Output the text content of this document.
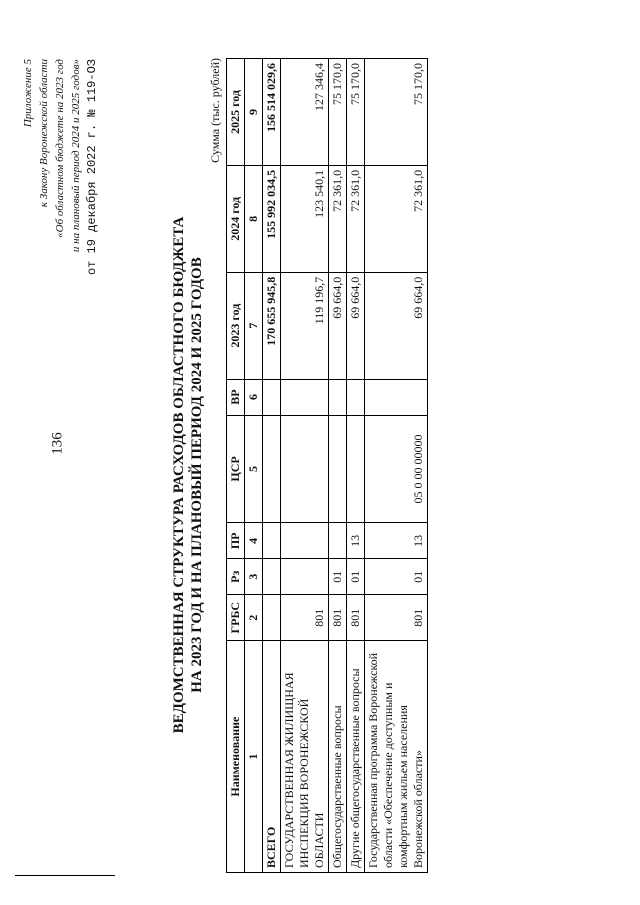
136
Приложение 5 к Закону Воронежской области «Об областном бюджете на 2023 год и на плановый период 2024 и 2025 годов» от 19 декабря 2022 г. № 119-ОЗ
ВЕДОМСТВЕННАЯ СТРУКТУРА РАСХОДОВ ОБЛАСТНОГО БЮДЖЕТА НА 2023 ГОД И НА ПЛАНОВЫЙ ПЕРИОД 2024 И 2025 ГОДОВ
Сумма (тыс. рублей)
Наименование	ГРБС	Рз	ПР	ЦСР	ВР	2023 год	2024 год	2025 год
1	2	3	4	5	6	7	8	9
ВСЕГО						170 655 945,8	155 992 034,5	156 514 029,6
ГОСУДАРСТВЕННАЯ ЖИЛИЩНАЯ ИНСПЕКЦИЯ ВОРОНЕЖСКОЙ ОБЛАСТИ	801					119 196,7	123 540,1	127 346,4
Общегосударственные вопросы	801	01				69 664,0	72 361,0	75 170,0
Другие общегосударственные вопросы	801	01	13			69 664,0	72 361,0	75 170,0
Государственная программа Воронежской области «Обеспечение доступным и комфортным жильем населения Воронежской области»	801	01	13	05 0 00 00000		69 664,0	72 361,0	75 170,0
